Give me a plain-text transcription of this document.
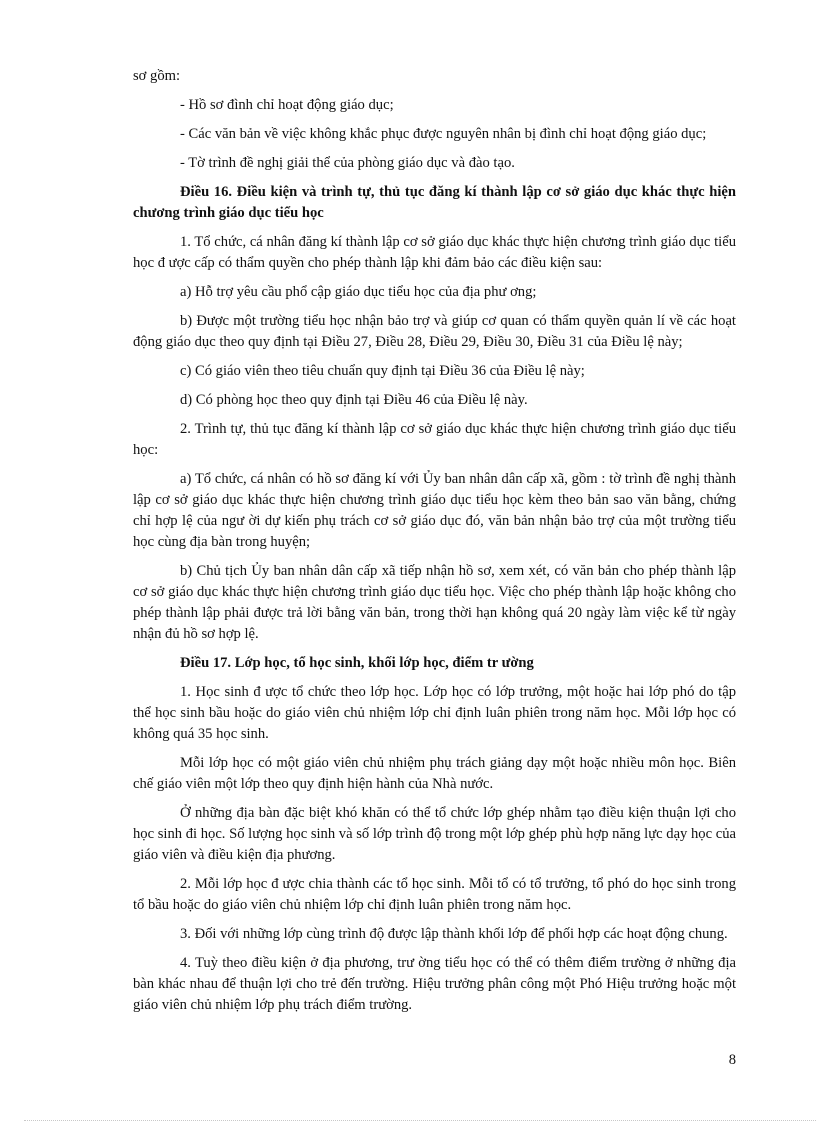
sơ gồm:

- Hồ sơ đình chỉ hoạt động giáo dục;

- Các văn bản về việc không khắc phục được nguyên nhân bị đình chỉ hoạt động giáo dục;

- Tờ trình đề nghị giải thể của phòng giáo dục và đào tạo.

Điều 16. Điều kiện và trình tự, thủ tục đăng kí thành lập cơ sở giáo dục khác thực hiện chương trình giáo dục tiểu học

1. Tổ chức, cá nhân đăng kí thành lập cơ sở giáo dục khác thực hiện chương trình giáo dục tiểu học đ ược cấp có thẩm quyền cho phép thành lập khi đảm bảo các điều kiện sau:

a) Hỗ trợ yêu cầu phổ cập giáo dục tiểu học của địa phư ơng;

b) Được một trường tiểu học nhận bảo trợ và giúp cơ quan có thẩm quyền quản lí về các hoạt động giáo dục theo quy định tại Điều 27, Điều 28, Điều 29, Điều 30, Điều 31 của Điều lệ này;

c) Có giáo viên theo tiêu chuẩn quy định tại Điều 36 của Điều lệ này;

d) Có phòng học theo quy định tại Điều 46 của Điều lệ này.

2. Trình tự, thủ tục đăng kí thành lập cơ sở giáo dục khác thực hiện chương trình giáo dục tiểu học:

a) Tổ chức, cá nhân có hồ sơ đăng kí với Ủy ban nhân dân cấp xã, gồm : tờ trình đề nghị thành lập cơ sở giáo dục khác thực hiện chương trình giáo dục tiểu học kèm theo bản sao văn bằng, chứng chỉ hợp lệ của ngư ời dự kiến phụ trách cơ sở giáo dục đó, văn bản nhận bảo trợ của một trường tiểu học cùng địa bàn trong huyện;

b) Chủ tịch Ủy ban nhân dân cấp xã tiếp nhận hồ sơ, xem xét, có văn bản cho phép thành lập cơ sở giáo dục khác thực hiện chương trình giáo dục tiểu học. Việc cho phép thành lập hoặc không cho phép thành lập phải được trả lời bằng văn bản, trong thời hạn không quá 20 ngày làm việc kể từ ngày nhận đủ hồ sơ hợp lệ.

Điều 17. Lớp học, tổ học sinh, khối lớp học, điểm tr ường

1. Học sinh đ ược tổ chức theo lớp học. Lớp học có lớp trưởng, một hoặc hai lớp phó do tập thể học sinh bầu hoặc do giáo viên chủ nhiệm lớp chỉ định luân phiên trong năm học. Mỗi lớp học có không quá 35 học sinh.

Mỗi lớp học có một giáo viên chủ nhiệm phụ trách giảng dạy một hoặc nhiều môn học. Biên chế giáo viên một lớp theo quy định hiện hành của Nhà nước.

Ở những địa bàn đặc biệt khó khăn có thể tổ chức lớp ghép nhằm tạo điều kiện thuận lợi cho học sinh đi học. Số lượng học sinh và số lớp trình độ trong một lớp ghép phù hợp năng lực dạy học của giáo viên và điều kiện địa phương.

2. Mỗi lớp học đ ược chia thành các tổ học sinh. Mỗi tổ có tổ trưởng, tổ phó do học sinh trong tổ bầu hoặc do giáo viên chủ nhiệm lớp chỉ định luân phiên trong năm học.

3. Đối với những lớp cùng trình độ được lập thành khối lớp để phối hợp các hoạt động chung.

4. Tuỳ theo điều kiện ở địa phương, trư ờng tiểu học có thể có thêm điểm trường ở những địa bàn khác nhau để thuận lợi cho trẻ đến trường. Hiệu trưởng phân công một Phó Hiệu trưởng hoặc một giáo viên chủ nhiệm lớp phụ trách điểm trường.

8
